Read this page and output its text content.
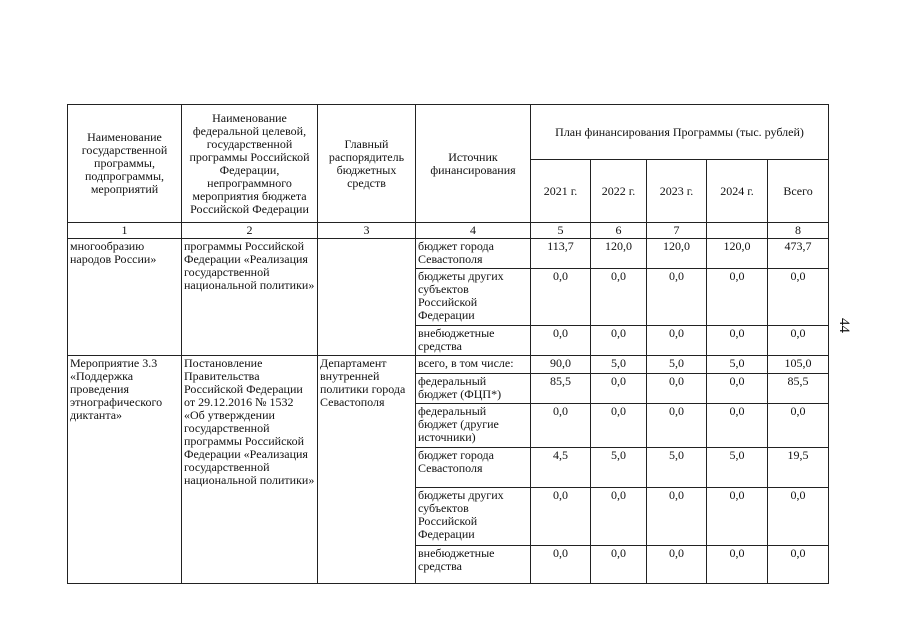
44
Наименование государственной программы, подпрограммы, мероприятий	Наименование федеральной целевой, государственной программы Российской Федерации, непрограммного мероприятия бюджета Российской Федерации	Главный распорядитель бюджетных средств	Источник финансирования	План финансирования Программы (тыс. рублей)				
				2021 г.	2022 г.	2023 г.	2024 г.	Всего
1	2	3	4	5	6	7		8
многообразию народов России»	программы Российской Федерации «Реализация государственной национальной политики»		бюджет города Севастополя	113,7	120,0	120,0	120,0	473,7
			бюджеты других субъектов Российской Федерации	0,0	0,0	0,0	0,0	0,0
			внебюджетные средства	0,0	0,0	0,0	0,0	0,0
Мероприятие 3.3 «Поддержка проведения этнографического диктанта»	Постановление Правительства Российской Федерации от 29.12.2016 № 1532 «Об утверждении государственной программы Российской Федерации «Реализация государственной национальной политики»	Департамент внутренней политики города Севастополя	всего, в том числе:	90,0	5,0	5,0	5,0	105,0
			федеральный бюджет (ФЦП*)	85,5	0,0	0,0	0,0	85,5
			федеральный бюджет (другие источники)	0,0	0,0	0,0	0,0	0,0
			бюджет города Севастополя	4,5	5,0	5,0	5,0	19,5
			бюджеты других субъектов Российской Федерации	0,0	0,0	0,0	0,0	0,0
			внебюджетные средства	0,0	0,0	0,0	0,0	0,0
